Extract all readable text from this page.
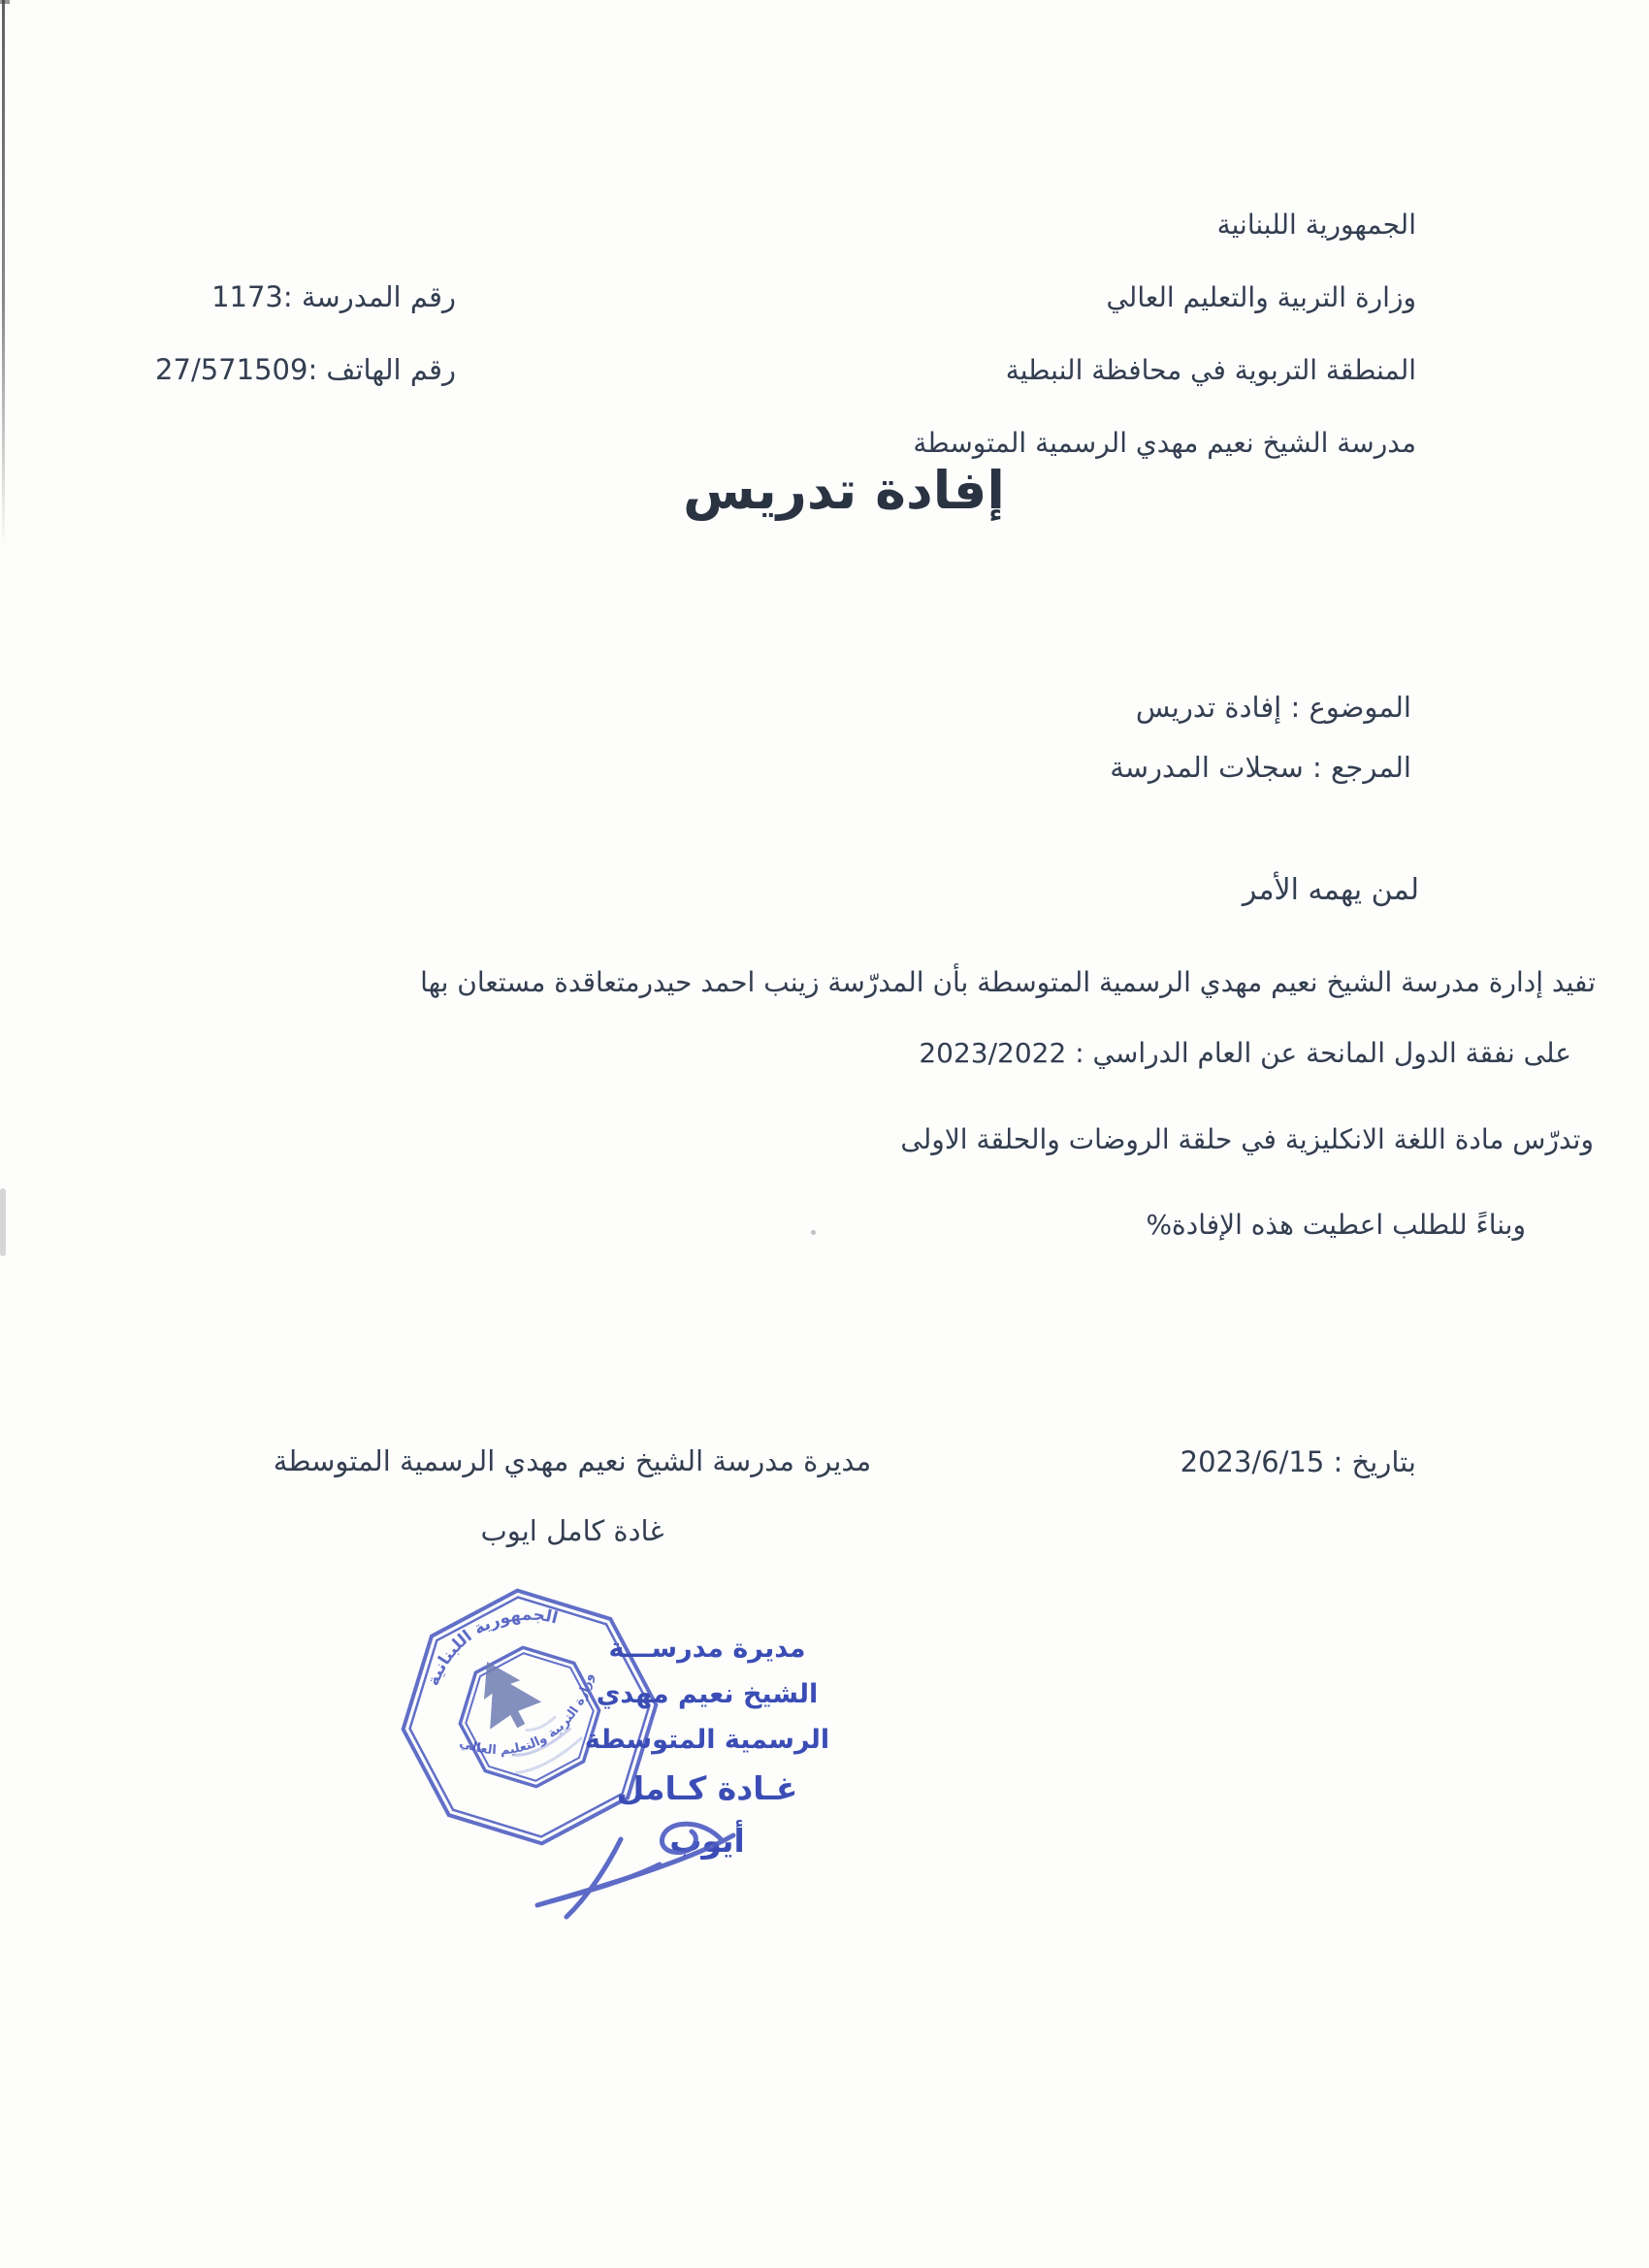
الجمهورية اللبنانية
وزارة التربية والتعليم العالي
المنطقة التربوية في محافظة النبطية
مدرسة الشيخ نعيم مهدي الرسمية المتوسطة
رقم المدرسة :1173
رقم الهاتف :27/571509
إفادة تدريس
الموضوع : إفادة تدريس
المرجع : سجلات المدرسة
لمن يهمه الأمر
تفيد إدارة مدرسة الشيخ نعيم مهدي الرسمية المتوسطة بأن المدرّسة زينب احمد حيدرمتعاقدة مستعان بها
على نفقة الدول المانحة عن العام الدراسي : 2023/2022
وتدرّس مادة اللغة الانكليزية في حلقة الروضات والحلقة الاولى
وبناءً للطلب اعطيت هذه الإفادة%
بتاريخ : 2023/6/15
مديرة مدرسة الشيخ نعيم مهدي الرسمية المتوسطة
غادة كامل ايوب
الجمهورية اللبنانية
وزارة التربية والتعليم العالي
مديرة مدرســـة
الشيخ نعيم مهدي
الرسمية المتوسطة
غـادة كـامل أيوب
